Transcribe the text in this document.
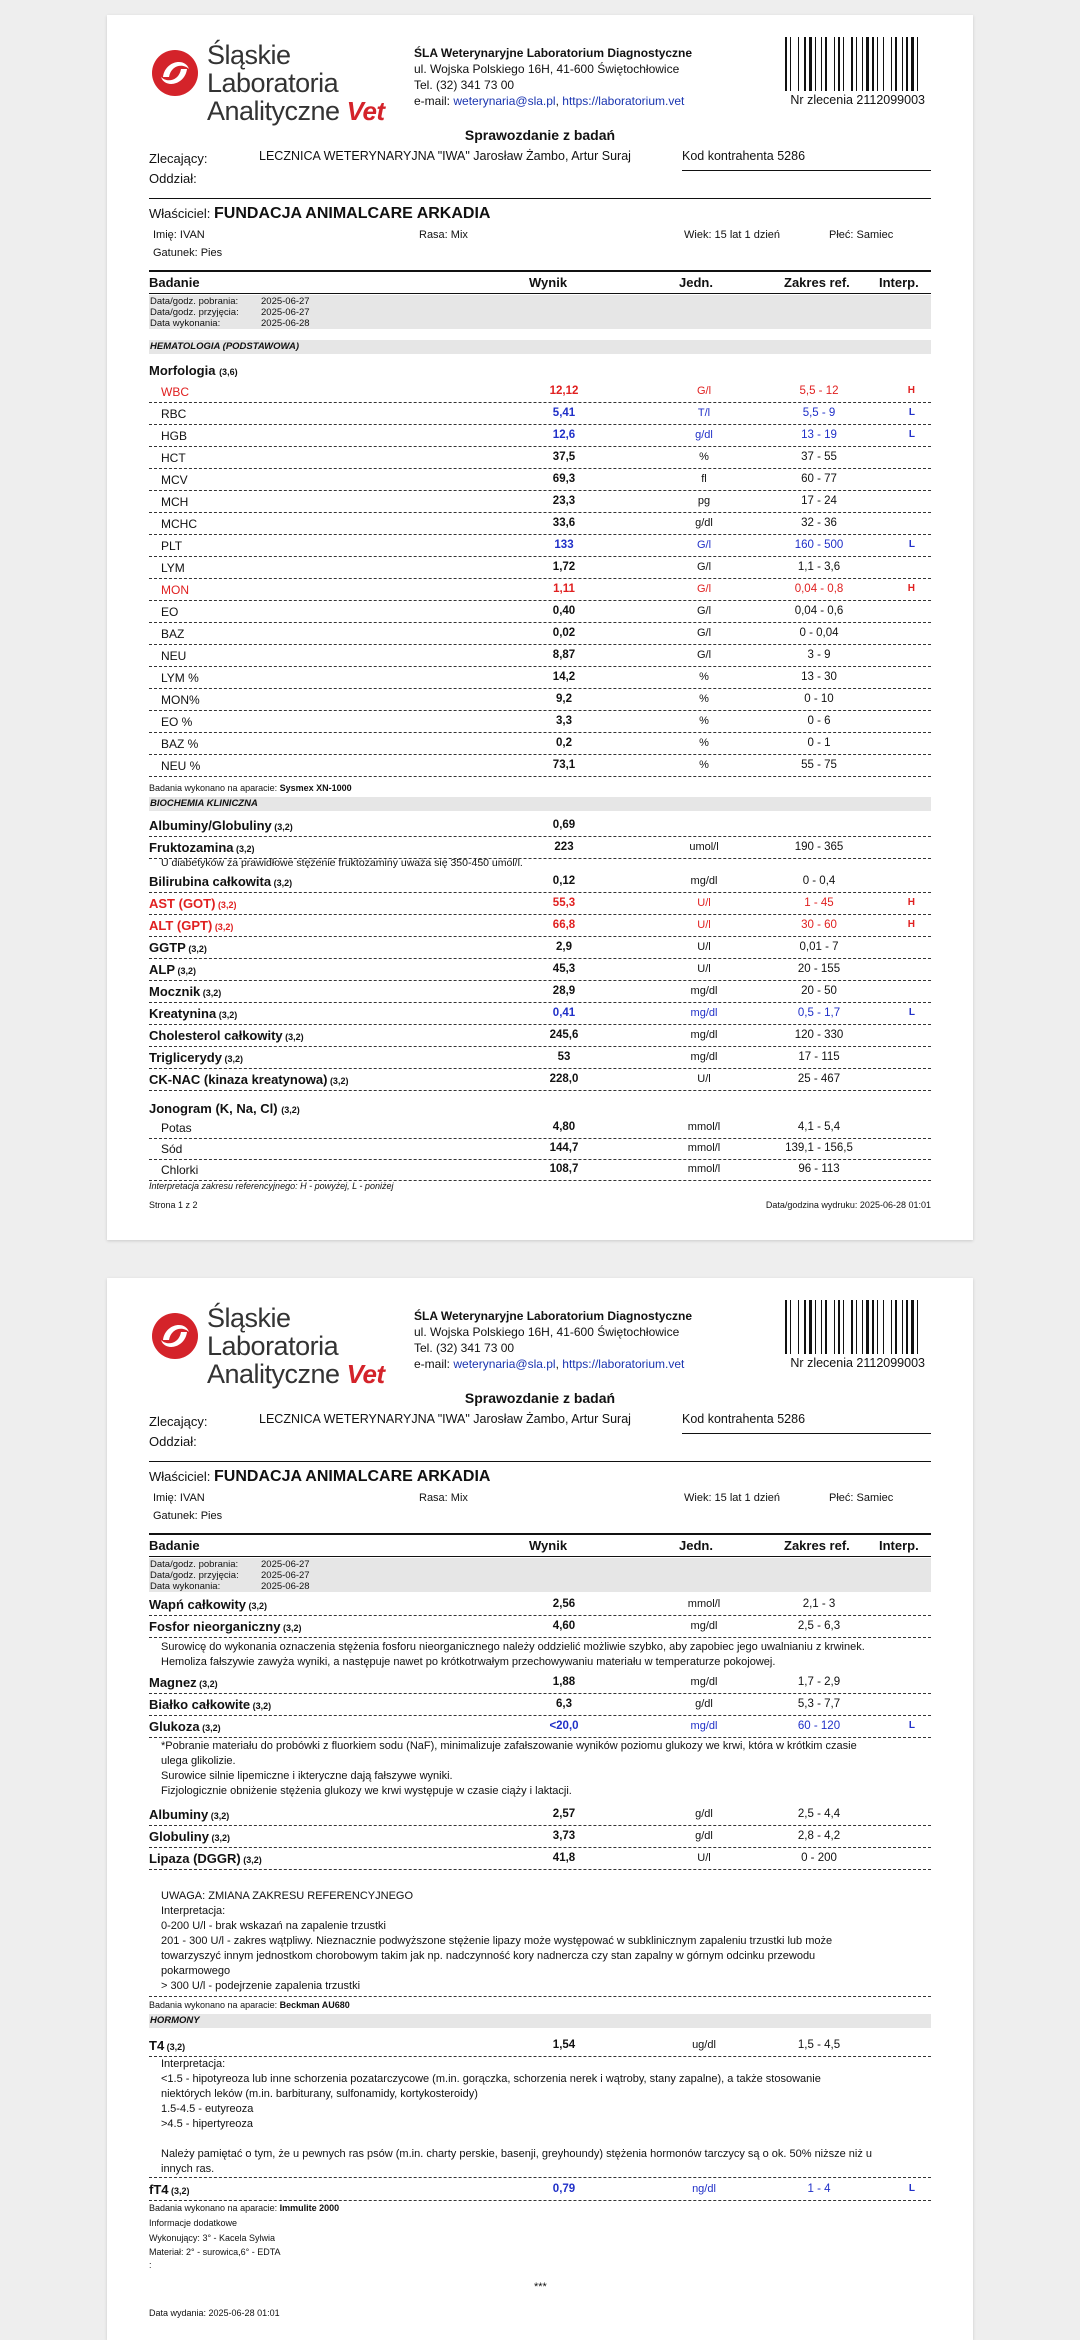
Śląskie Laboratoria
Analityczne Vet
ŚLA Weterynaryjne Laboratorium Diagnostyczne
ul. Wojska Polskiego 16H, 41-600 Świętochłowice
Tel. (32) 341 73 00
e-mail: weterynaria@sla.pl, https://laboratorium.vet	Nr zlecenia 2112099003
Sprawozdanie z badań
Zlecający:
Oddział:
LECZNICA WETERYNARYJNA "IWA" Jarosław Żambo, Artur Suraj	Kod kontrahenta 5286
Właściciel: FUNDACJA ANIMALCARE ARKADIA
Imię: IVAN	Rasa: Mix	Wiek: 15 lat 1 dzień	Płeć: Samiec
Gatunek: Pies
Badanie	Wynik	Jedn.	Zakres ref. Interp.
Data/godz. pobrania: 2025-06-27
Data/godz. przyjęcia: 2025-06-27
Data wykonania:	2025-06-28
HEMATOLOGIA (PODSTAWOWA)
Morfologia (3,6)
WBC	12,12	G/l	5,5 - 12	H
RBC	5,41	T/l	5,5 - 9	L
HGB	12,6	g/dl	13 - 19	L
HCT	37,5	%	37 - 55
MCV	69,3	fl	60 - 77
MCH	23,3	pg	17 - 24
MCHC	33,6	g/dl	32 - 36
PLT	133	G/l	160 - 500	L
LYM	1,72	G/l	1,1 - 3,6
MON	1,11	G/l	0,04 - 0,8	H
EO	0,40	G/l	0,04 - 0,6
BAZ	0,02	G/l	0 - 0,04
NEU	8,87	G/l	3 - 9
LYM %	14,2	%	13 - 30
MON%	9,2	%	0 - 10
EO %	3,3	%	0 - 6
BAZ %	0,2	%	0 - 1
NEU %	73,1	%	55 - 75
Badania wykonano na aparacie: Sysmex XN-1000
BIOCHEMIA KLINICZNA
Albuminy/Globuliny (3,2)	0,69
Fruktozamina (3,2)	223	umol/l	190 - 365
Bilirubina całkowita (3,2)	0,12	mg/dl	0 - 0,4
AST (GOT) (3,2)	55,3	U/l	1 - 45	H
ALT (GPT) (3,2)	66,8	U/l	30 - 60	H
GGTP (3,2)	2,9	U/l	0,01 - 7
ALP (3,2)	45,3	U/l	20 - 155
Mocznik (3,2)	28,9	mg/dl	20 - 50
Kreatynina (3,2)	0,41	mg/dl	0,5 - 1,7	L
Cholesterol całkowity (3,2)	245,6	mg/dl	120 - 330
Triglicerydy (3,2)	53	mg/dl	17 - 115
CK-NAC (kinaza kreatynowa) (3,2)	228,0	U/l	25 - 467
U diabetyków za prawidłowe stężenie fruktozaminy uważa się 350-450 umol/l.
Jonogram (K, Na, Cl) (3,2)
Potas	4,80	mmol/l	4,1 - 5,4
Sód	144,7	mmol/l	139,1 - 156,5
Chlorki	108,7	mmol/l	96 - 113
Interpretacja zakresu referencyjnego: H - powyżej, L - poniżej
Strona 1 z 2	Data/godzina wydruku: 2025-06-28 01:01
Śląskie Laboratoria
Analityczne Vet
ŚLA Weterynaryjne Laboratorium Diagnostyczne
ul. Wojska Polskiego 16H, 41-600 Świętochłowice
Tel. (32) 341 73 00
e-mail: weterynaria@sla.pl, https://laboratorium.vet	Nr zlecenia 2112099003
Sprawozdanie z badań
Zlecający:
Oddział:
LECZNICA WETERYNARYJNA "IWA" Jarosław Żambo, Artur Suraj	Kod kontrahenta 5286
Właściciel: FUNDACJA ANIMALCARE ARKADIA
Imię: IVAN	Rasa: Mix	Wiek: 15 lat 1 dzień	Płeć: Samiec
Gatunek: Pies
Badanie	Wynik	Jedn.	Zakres ref. Interp.
Data/godz. pobrania: 2025-06-27
Data/godz. przyjęcia: 2025-06-27
Data wykonania:	2025-06-28
Wapń całkowity (3,2)	2,56	mmol/l	2,1 - 3
Fosfor nieorganiczny (3,2)	4,60	mg/dl	2,5 - 6,3
Magnez (3,2)	1,88	mg/dl	1,7 - 2,9
Białko całkowite (3,2)	6,3	g/dl	5,3 - 7,7
Glukoza (3,2)	<20,0	mg/dl	60 - 120	L
Albuminy (3,2)	2,57	g/dl	2,5 - 4,4
Globuliny (3,2)	3,73	g/dl	2,8 - 4,2
Lipaza (DGGR) (3,2)	41,8	U/l	0 - 200
Surowicę do wykonania oznaczenia stężenia fosforu nieorganicznego należy oddzielić możliwie szybko, aby zapobiec jego uwalnianiu z krwinek.
Hemoliza fałszywie zawyża wyniki, a następuje nawet po krótkotrwałym przechowywaniu materiału w temperaturze pokojowej.
*Pobranie materiału do probówki z fluorkiem sodu (NaF), minimalizuje zafałszowanie wyników poziomu glukozy we krwi, która w krótkim czasie
ulega glikolizie.
Surowice silnie lipemiczne i ikteryczne dają fałszywe wyniki.
Fizjologicznie obniżenie stężenia glukozy we krwi występuje w czasie ciąży i laktacji.
UWAGA: ZMIANA ZAKRESU REFERENCYJNEGO
Interpretacja:
0-200 U/l - brak wskazań na zapalenie trzustki
201 - 300 U/l - zakres wątpliwy. Nieznacznie podwyższone stężenie lipazy może występować w subklinicznym zapaleniu trzustki lub może
towarzyszyć innym jednostkom chorobowym takim jak np. nadczynność kory nadnercza czy stan zapalny w górnym odcinku przewodu
pokarmowego
> 300 U/l - podejrzenie zapalenia trzustki
Badania wykonano na aparacie: Beckman AU680
HORMONY
T4 (3,2)	1,54	ug/dl	1,5 - 4,5
Interpretacja:
<1.5 - hipotyreoza lub inne schorzenia pozatarczycowe (m.in. gorączka, schorzenia nerek i wątroby, stany zapalne), a także stosowanie
niektórych leków (m.in. barbiturany, sulfonamidy, kortykosteroidy)
1.5-4.5 - eutyreoza
>4.5 - hipertyreoza
Należy pamiętać o tym, że u pewnych ras psów (m.in. charty perskie, basenji, greyhoundy) stężenia hormonów tarczycy są o ok. 50% niższe niż u
innych ras.
fT4 (3,2)	0,79	ng/dl	1 - 4	L
Badania wykonano na aparacie: Immulite 2000
Informacje dodatkowe
Wykonujący: 3° - Kacela Sylwia
Materiał: 2° - surowica,6° - EDTA
:
***
Data wydania: 2025-06-28 01:01
